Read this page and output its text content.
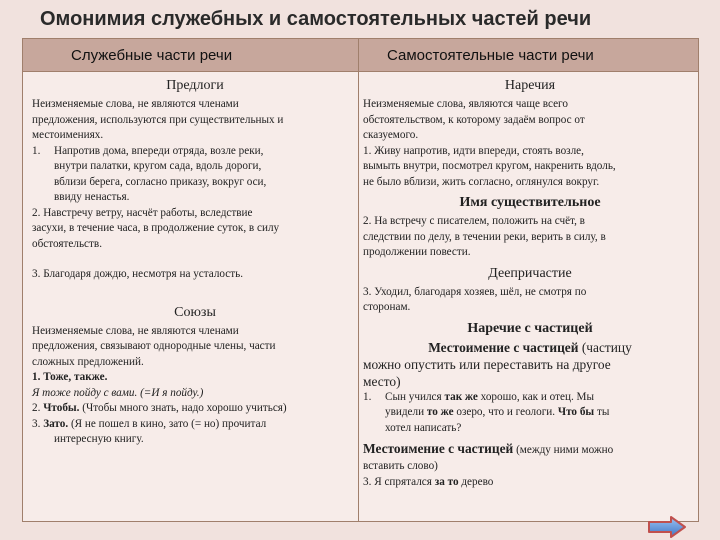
Омонимия служебных и самостоятельных частей речи
Служебные части речи	Самостоятельные части речи
Предлоги

Неизменяемые слова, не являются членами

предложения, используются при существительных и

местоимениях.

1. Напротив дома, впереди отряда, возле реки,

внутри палатки, кругом сада, вдоль дороги,

вблизи берега, согласно приказу, вокруг оси,

ввиду ненастья.

2. Навстречу ветру, насчёт работы, вследствие

засухи, в течение часа, в продолжение суток, в силу

обстоятельств.

3. Благодаря дождю, несмотря на усталость.

Союзы

Неизменяемые слова, не являются членами

предложения, связывают однородные члены, части

сложных предложений.

1. Тоже, также.

Я тоже пойду с вами. (=И я пойду.)

2. Чтобы. (Чтобы много знать, надо хорошо учиться)

3. Зато. (Я не пошел в кино, зато (= но) прочитал

интересную книгу.

Наречия

Неизменяемые слова, являются чаще всего

обстоятельством, к которому задаём вопрос от

сказуемого.

1. Живу напротив, идти впереди, стоять возле,

вымыть внутри, посмотрел кругом, накренить вдоль,

не было вблизи, жить согласно, оглянулся вокруг.

Имя существительное

2. На встречу с писателем, положить на счёт, в

следствии по делу, в течении реки, верить в силу, в

продолжении повести.

Деепричастие

3. Уходил, благодаря хозяев, шёл, не смотря по

сторонам.

Наречие с частицей

Местоимение с частицей (частицу

можно опустить или переставить на другое

место)

1. Сын учился так же хорошо, как и отец. Мы

увидели то же озеро, что и геологи. Что бы ты

хотел написать?

Местоимение с частицей (между ними можно

вставить слово)

3. Я спрятался за то дерево
